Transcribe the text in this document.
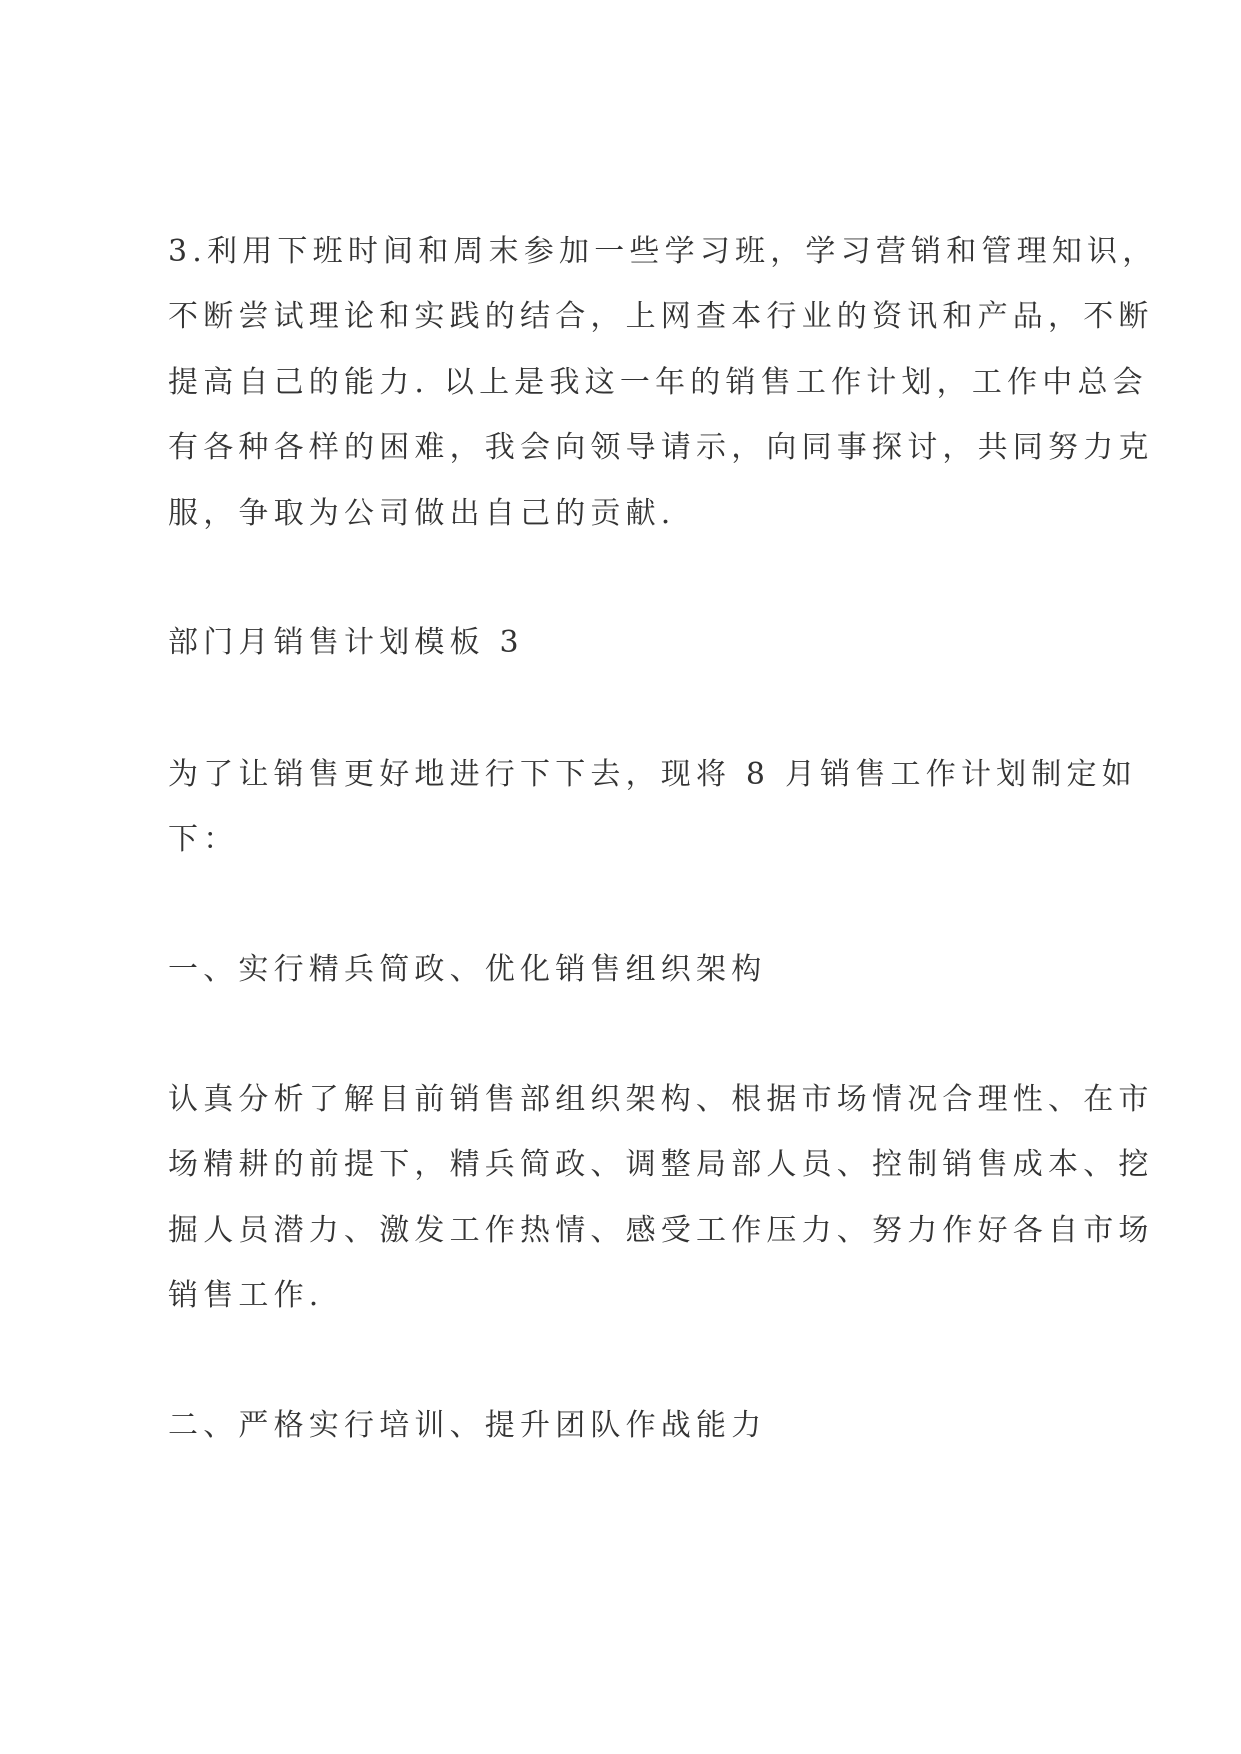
3.利用下班时间和周末参加一些学习班，学习营销和管理知识，
不断尝试理论和实践的结合，上网查本行业的资讯和产品，不断
提高自己的能力. 以上是我这一年的销售工作计划，工作中总会
有各种各样的困难，我会向领导请示，向同事探讨，共同努力克
服，争取为公司做出自己的贡献.
部门月销售计划模板 3
为了让销售更好地进行下下去，现将 8 月销售工作计划制定如
下：
一、实行精兵简政、优化销售组织架构
认真分析了解目前销售部组织架构、根据市场情况合理性、在市
场精耕的前提下，精兵简政、调整局部人员、控制销售成本、挖
掘人员潜力、激发工作热情、感受工作压力、努力作好各自市场
销售工作.
二、严格实行培训、提升团队作战能力
